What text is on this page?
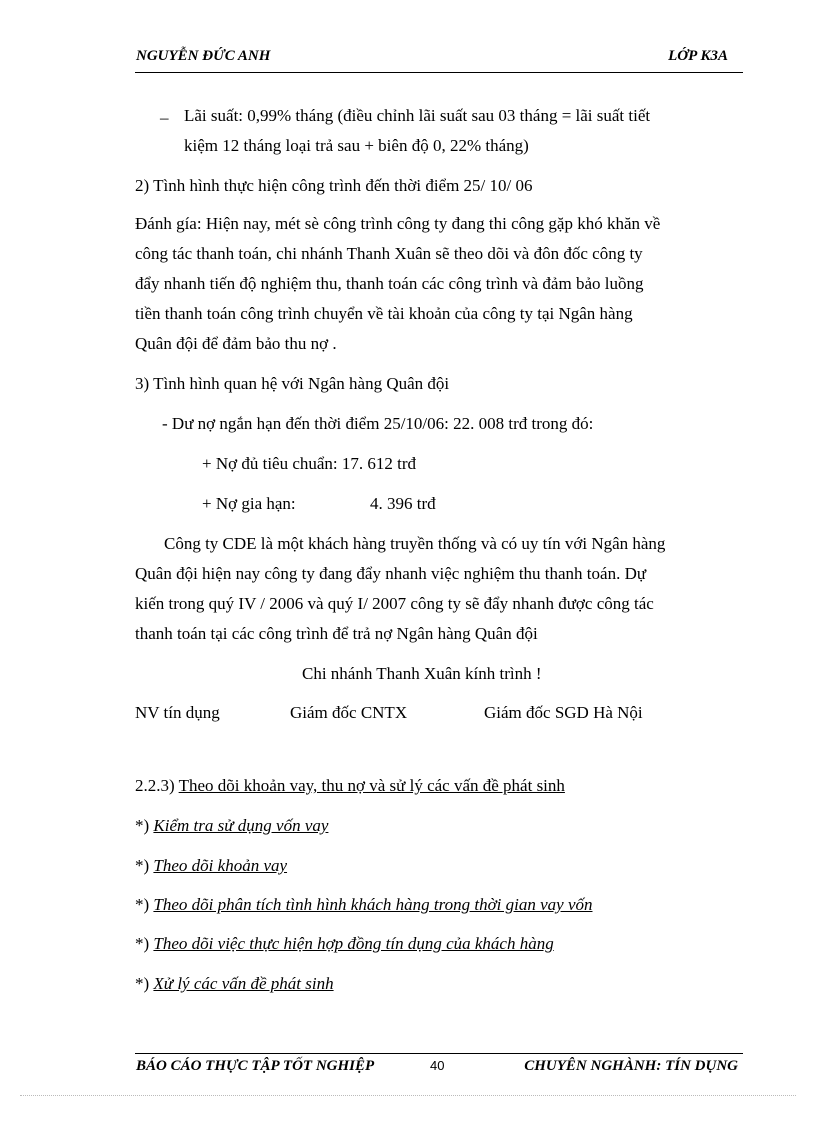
NGUYỄN ĐỨC ANH	LỚP K3A
– Lãi suất: 0,99% tháng (điều chỉnh lãi suất sau 03 tháng = lãi suất tiết
kiệm 12 tháng loại trả sau + biên độ 0, 22% tháng)
2) Tình hình thực hiện công trình đến thời điểm 25/ 10/ 06
Đánh gía: Hiện nay, mét sè công trình công ty đang thi công gặp khó khăn về
công tác thanh toán, chi nhánh Thanh Xuân sẽ theo dõi và đôn đốc công ty
đẩy nhanh tiến độ nghiệm thu, thanh toán các công trình và đảm bảo luồng
tiền thanh toán công trình chuyển về tài khoản của công ty tại Ngân hàng
Quân đội để đảm bảo thu nợ .
3) Tình hình quan hệ với Ngân hàng Quân đội
- Dư nợ ngắn hạn đến thời điểm 25/10/06: 22. 008 trđ trong đó:
+ Nợ đủ tiêu chuẩn: 17. 612 trđ
+ Nợ gia hạn:	4. 396 trđ
Công ty CDE là một khách hàng truyền thống và có uy tín với Ngân hàng
Quân đội hiện nay công ty đang đẩy nhanh việc nghiệm thu thanh toán. Dự
kiến trong quý IV / 2006 và quý I/ 2007 công ty sẽ đẩy nhanh được công tác
thanh toán tại các công trình để trả nợ Ngân hàng Quân đội
Chi nhánh Thanh Xuân kính trình !
NV tín dụng	Giám đốc CNTX	Giám đốc SGD Hà Nội
2.2.3) Theo dõi khoản vay, thu nợ và sử lý các vấn đề phát sinh
*) Kiểm tra sử dụng vốn vay
*) Theo dõi khoản vay
*) Theo dõi phân tích tình hình khách hàng trong thời gian vay vốn
*) Theo dõi việc thực hiện hợp đồng tín dụng của khách hàng
*) Xử lý các vấn đề phát sinh
BÁO CÁO THỰC TẬP TỐT NGHIỆP	40	CHUYÊN NGHÀNH: TÍN DỤNG
